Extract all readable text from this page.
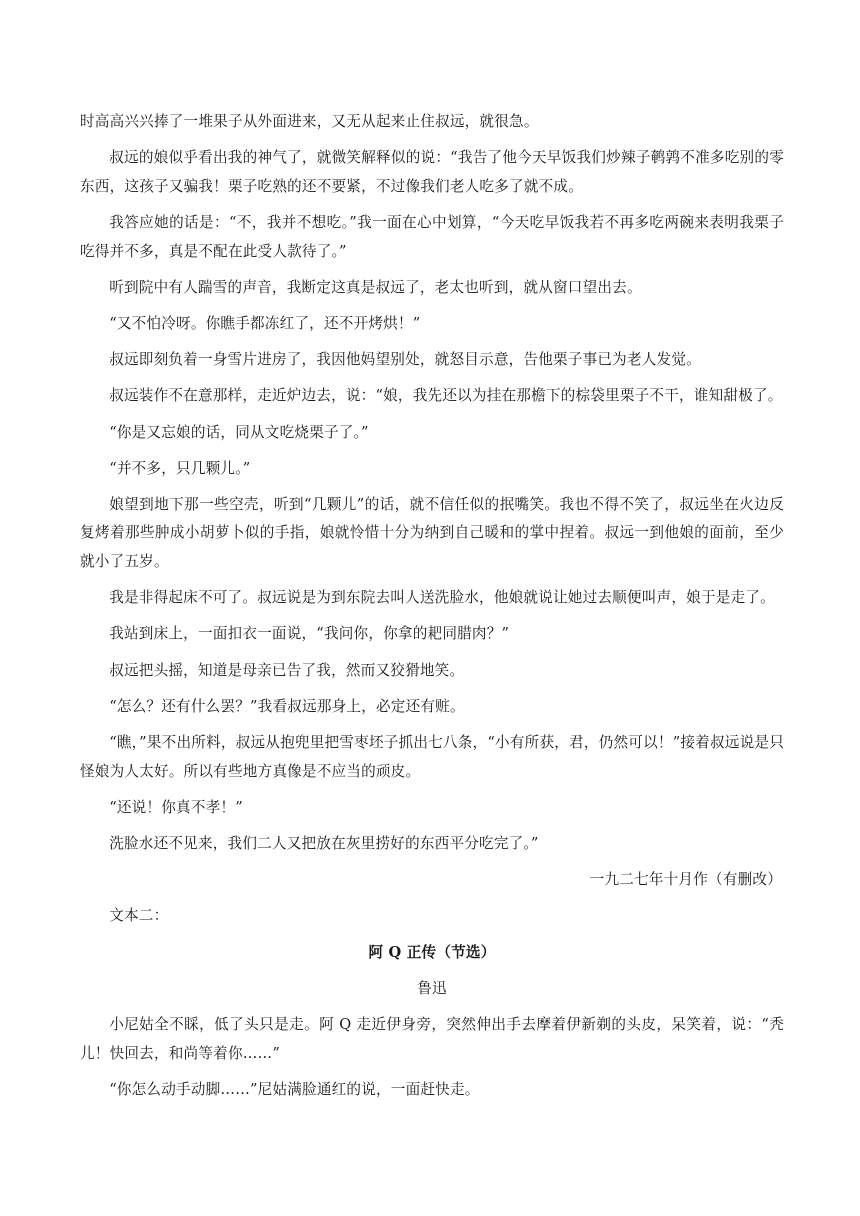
时高高兴兴捧了一堆果子从外面进来，又无从起来止住叔远，就很急。

叔远的娘似乎看出我的神气了，就微笑解释似的说：“我告了他今天早饭我们炒辣子鹌鹑不准多吃别的零东西，这孩子又骗我！栗子吃熟的还不要紧，不过像我们老人吃多了就不成。

我答应她的话是：“不，我并不想吃。”我一面在心中划算，“今天吃早饭我若不再多吃两碗来表明我栗子吃得并不多，真是不配在此受人款待了。”

听到院中有人踹雪的声音，我断定这真是叔远了，老太也听到，就从窗口望出去。

“又不怕冷呀。你瞧手都冻红了，还不开烤烘！”

叔远即刻负着一身雪片进房了，我因他妈望别处，就怒目示意，告他栗子事已为老人发觉。

叔远装作不在意那样，走近炉边去，说：“娘，我先还以为挂在那檐下的棕袋里栗子不干，谁知甜极了。

“你是又忘娘的话，同从文吃烧栗子了。”

“并不多，只几颗儿。”

娘望到地下那一些空壳，听到“几颗儿”的话，就不信任似的抿嘴笑。我也不得不笑了，叔远坐在火边反复烤着那些肿成小胡萝卜似的手指，娘就怜惜十分为纳到自己暖和的掌中捏着。叔远一到他娘的面前，至少就小了五岁。

我是非得起床不可了。叔远说是为到东院去叫人送洗脸水，他娘就说让她过去顺便叫声，娘于是走了。

我站到床上，一面扣衣一面说，“我问你，你拿的耙同腊肉？”

叔远把头摇，知道是母亲已告了我，然而又狡猾地笑。

“怎么？还有什么罢？”我看叔远那身上，必定还有赃。

“瞧，”果不出所料，叔远从抱兜里把雪枣坯子抓出七八条，“小有所获，君，仍然可以！”接着叔远说是只怪娘为人太好。所以有些地方真像是不应当的顽皮。

“还说！你真不孝！”

洗脸水还不见来，我们二人又把放在灰里捞好的东西平分吃完了。”

一九二七年十月作（有删改）

文本二：

阿 Q 正传（节选）

鲁迅

小尼姑全不睬，低了头只是走。阿 Q 走近伊身旁，突然伸出手去摩着伊新剃的头皮，呆笑着，说：“秃儿！快回去，和尚等着你……”

“你怎么动手动脚……”尼姑满脸通红的说，一面赶快走。
